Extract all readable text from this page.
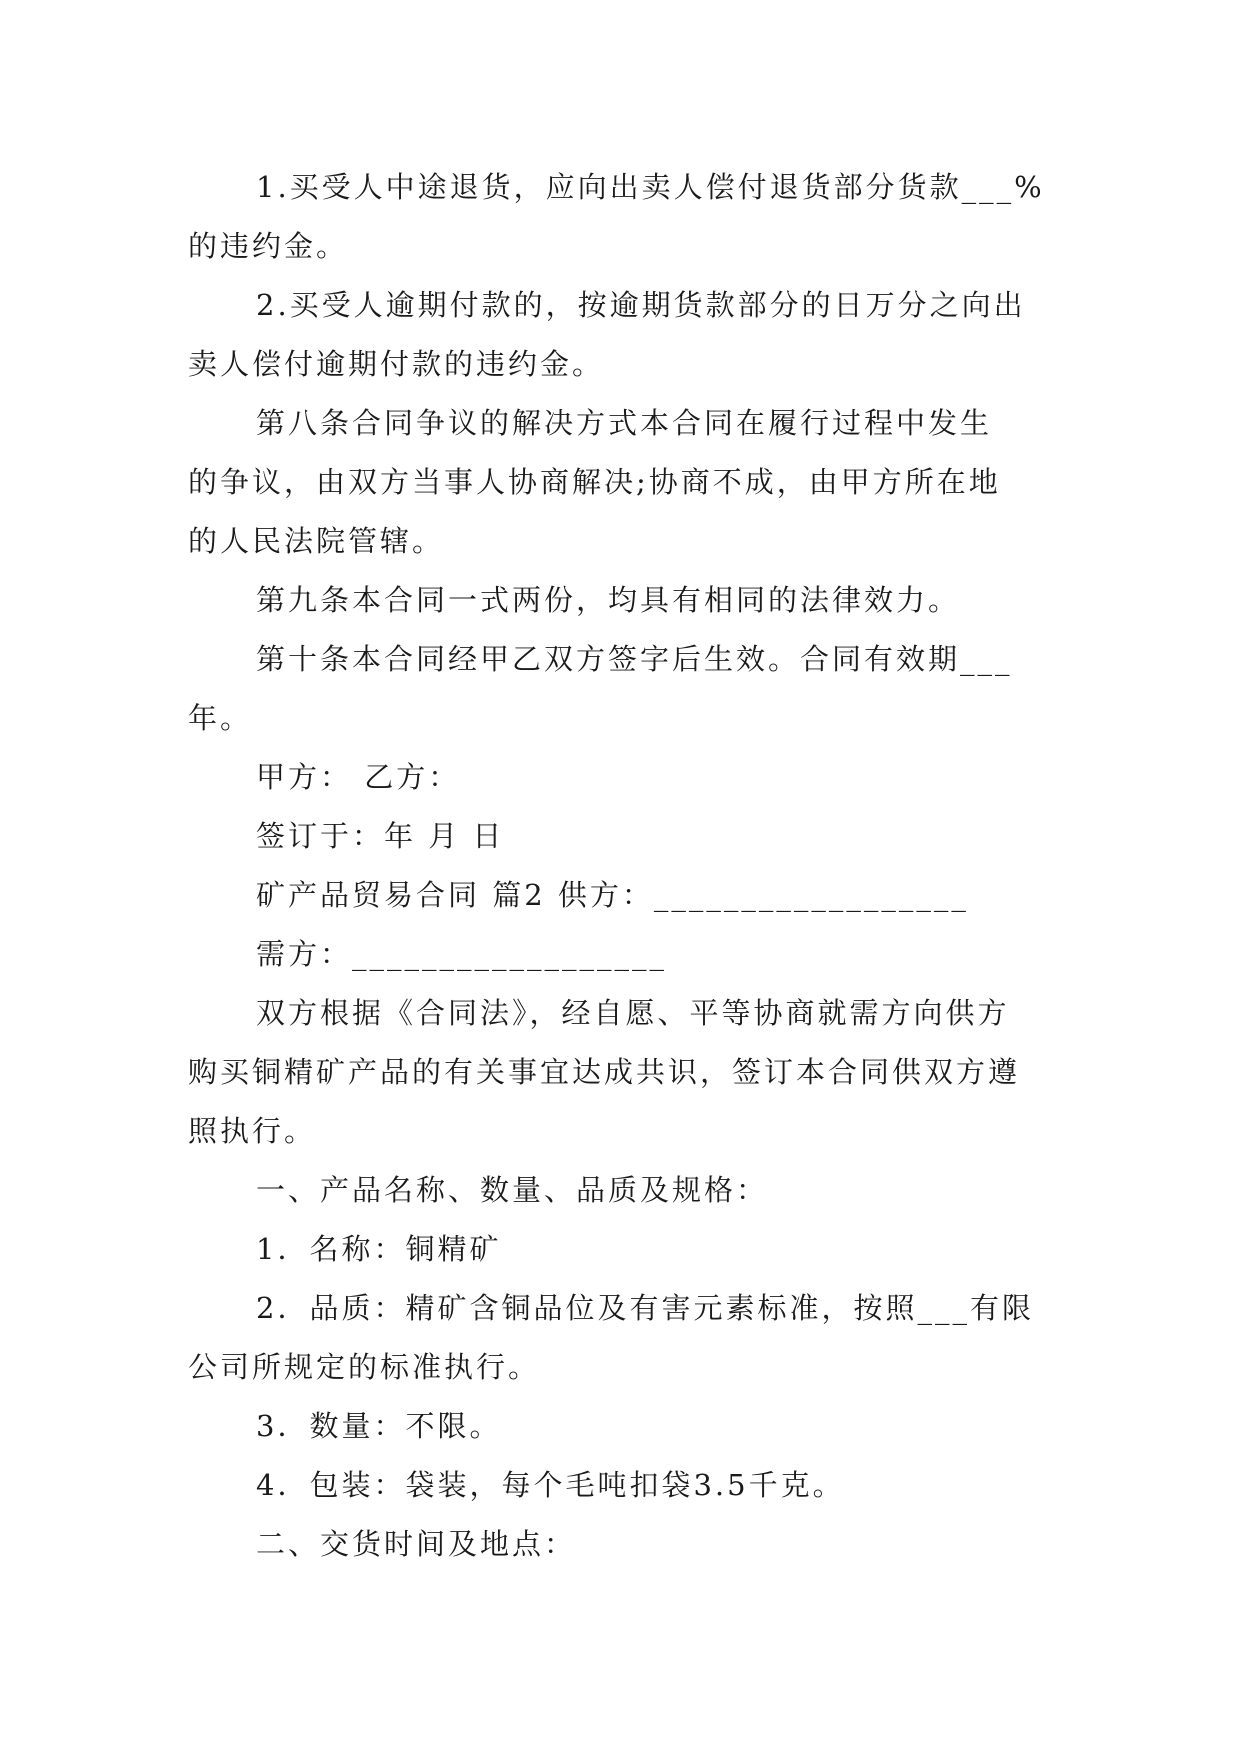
1.买受人中途退货，应向出卖人偿付退货部分货款___%
的违约金。
2.买受人逾期付款的，按逾期货款部分的日万分之向出
卖人偿付逾期付款的违约金。
第八条合同争议的解决方式本合同在履行过程中发生
的争议，由双方当事人协商解决;协商不成，由甲方所在地
的人民法院管辖。
第九条本合同一式两份，均具有相同的法律效力。
第十条本合同经甲乙双方签字后生效。合同有效期___
年。
甲方： 乙方：
签订于：年 月 日
矿产品贸易合同 篇2 供方：__________________
需方：__________________
双方根据《合同法》，经自愿、平等协商就需方向供方
购买铜精矿产品的有关事宜达成共识，签订本合同供双方遵
照执行。
一、产品名称、数量、品质及规格：
1．名称：铜精矿
2．品质：精矿含铜品位及有害元素标准，按照___有限
公司所规定的标准执行。
3．数量：不限。
4．包装：袋装，每个毛吨扣袋3.5千克。
二、交货时间及地点：
